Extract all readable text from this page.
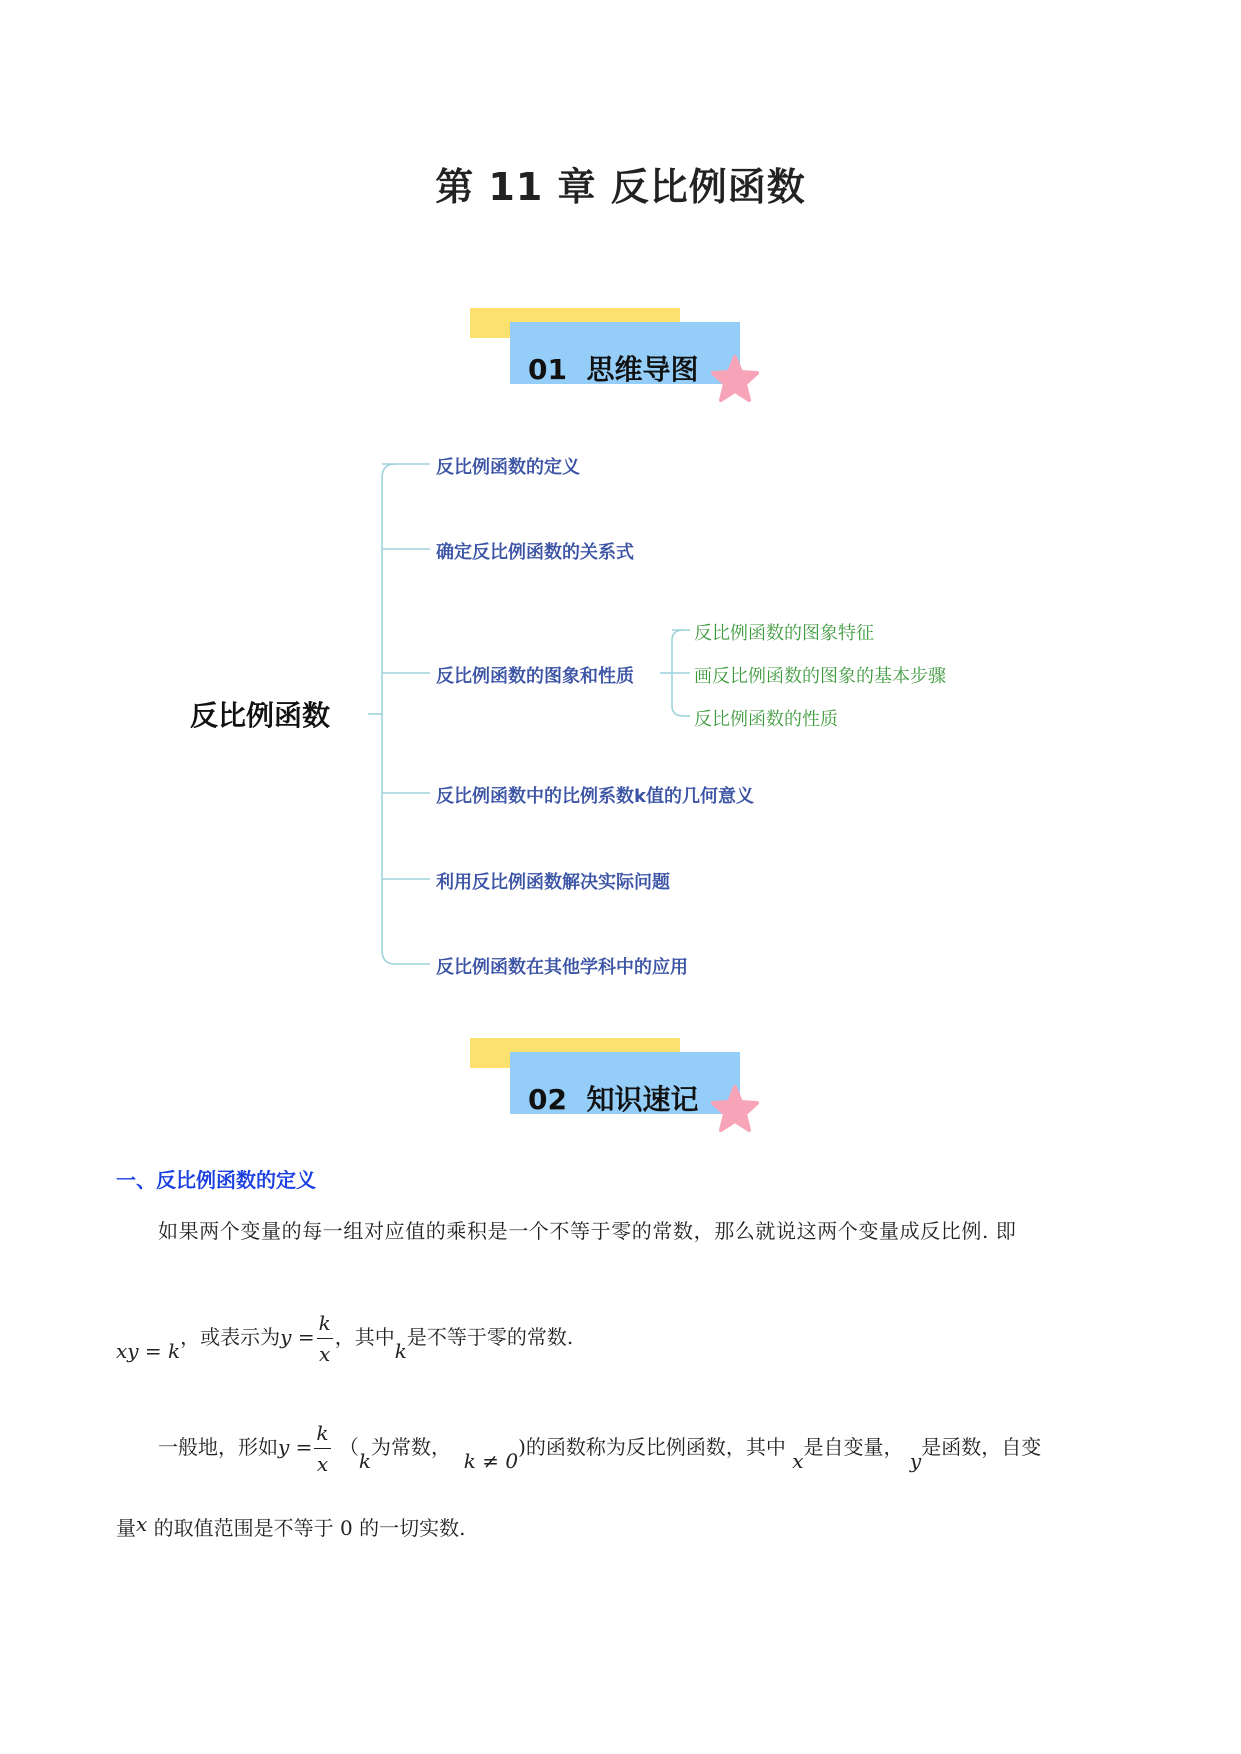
第 11 章 反比例函数
01 思维导图
反比例函数
反比例函数的定义
确定反比例函数的关系式
反比例函数的图象和性质
反比例函数中的比例系数k值的几何意义
利用反比例函数解决实际问题
反比例函数在其他学科中的应用
反比例函数的图象特征
画反比例函数的图象的基本步骤
反比例函数的性质
02 知识速记
一、反比例函数的定义
如果两个变量的每一组对应值的乘积是一个不等于零的常数，那么就说这两个变量成反比例. 即
xy = k，或表示为$y = \frac{k}{x}$ ，其中k是不等于零的常数.
一般地，形如$y = \frac{k}{x} (k$为常数，  k ≠ 0)的函数称为反比例函数，其中 x是自变量， y是函数，自变
量x 的取值范围是不等于 0 的一切实数.
